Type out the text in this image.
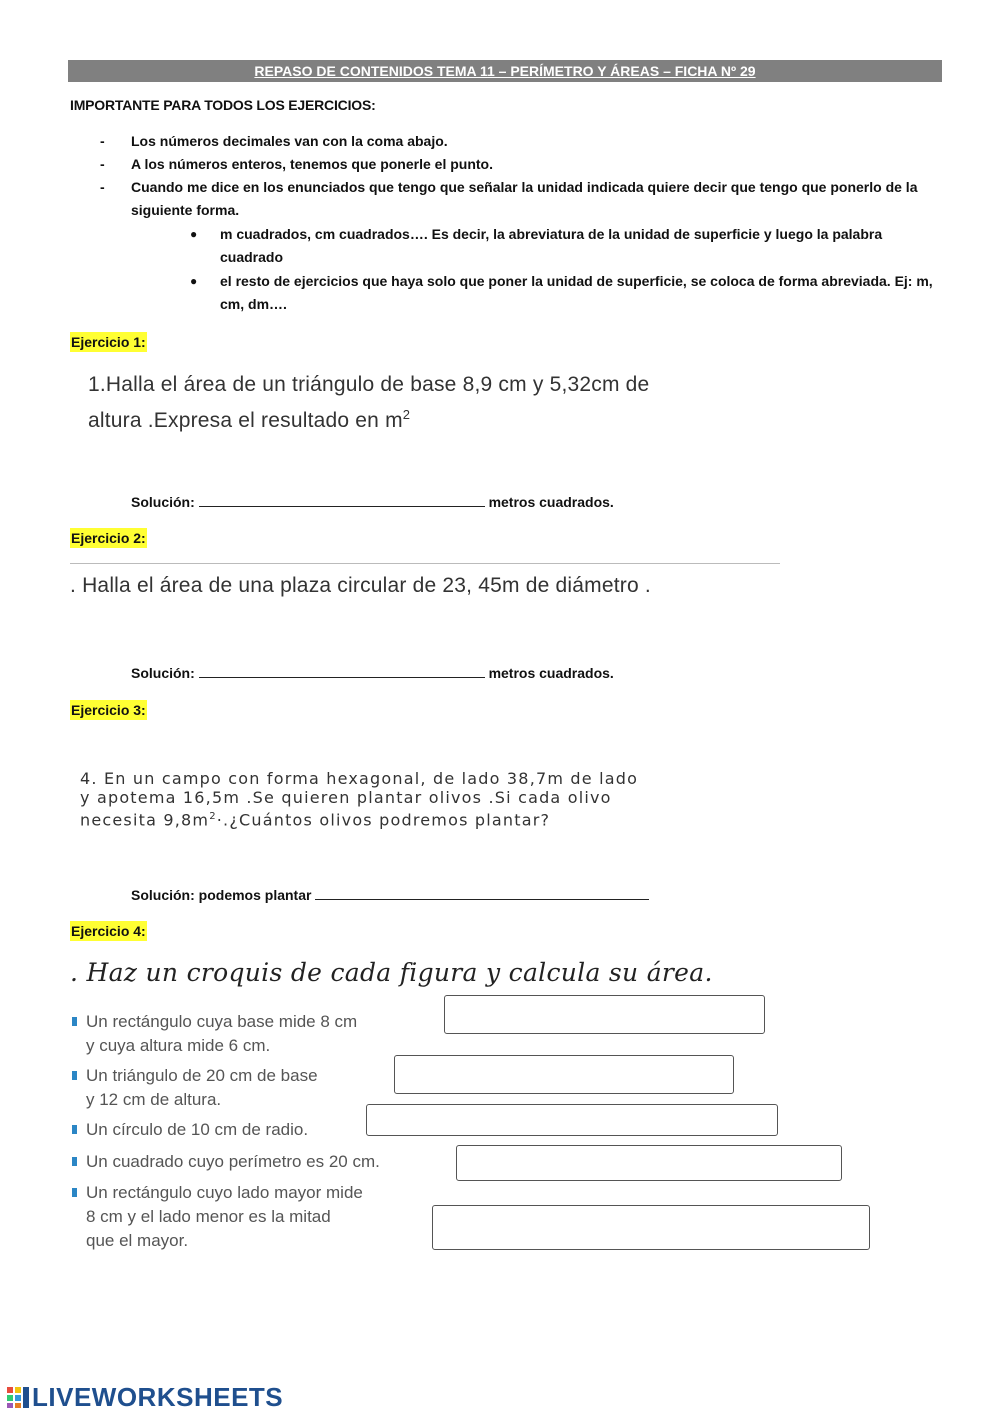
REPASO DE CONTENIDOS TEMA 11 – PERÍMETRO Y ÁREAS – FICHA Nº 29
IMPORTANTE PARA TODOS LOS EJERCICIOS:
- Los números decimales van con la coma abajo.
- A los números enteros, tenemos que ponerle el punto.
- Cuando me dice en los enunciados que tengo que señalar la unidad indicada quiere decir que tengo que ponerlo de la siguiente forma.
● m cuadrados, cm cuadrados…. Es decir, la abreviatura de la unidad de superficie y luego la palabra cuadrado
● el resto de ejercicios que haya solo que poner la unidad de superficie, se coloca de forma abreviada. Ej: m, cm, dm….
Ejercicio 1:
1.Halla el área de un triángulo de base 8,9 cm y 5,32cm de
altura .Expresa el resultado en $m^2$
Solución:	metros cuadrados.
Ejercicio 2:
. Halla el área de una plaza circular de 23, 45m de diámetro .
Solución:	metros cuadrados.
Ejercicio 3:
4. En un campo con forma hexagonal, de lado 38,7m de lado
y apotema 16,5m .Se quieren plantar olivos .Si cada olivo
necesita $9,8m^2\cdot.¿Cuántos$ olivos podremos plantar?
Solución: podemos plantar
Ejercicio 4:
. Haz un croquis de cada figura y calcula su área.
Un rectángulo cuya base mide 8 cm
y cuya altura mide 6 cm.
Un triángulo de 20 cm de base
y 12 cm de altura.
Un círculo de 10 cm de radio.
Un cuadrado cuyo perímetro es 20 cm.
Un rectángulo cuyo lado mayor mide
8 cm y el lado menor es la mitad
que el mayor.
LIVEWORKSHEETS
